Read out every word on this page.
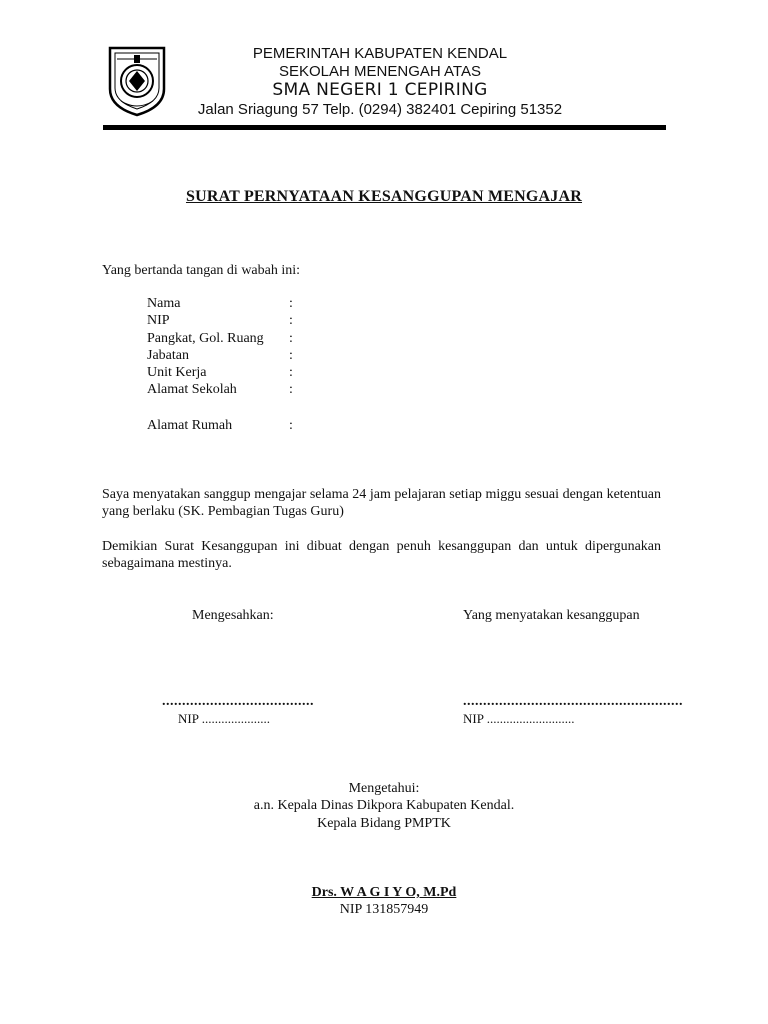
PEMERINTAH KABUPATEN KENDAL
SEKOLAH MENENGAH ATAS
SMA NEGERI 1 CEPIRING
Jalan Sriagung 57 Telp. (0294) 382401 Cepiring 51352
SURAT PERNYATAAN KESANGGUPAN MENGAJAR
Yang bertanda tangan di wabah ini:
Nama	:
NIP	:
Pangkat, Gol. Ruang :
Jabatan	:
Unit Kerja	:
Alamat Sekolah	:
Alamat Rumah	:
Saya menyatakan sanggup mengajar selama 24 jam pelajaran setiap miggu sesuai dengan ketentuan yang berlaku (SK. Pembagian Tugas Guru)
Demikian Surat Kesanggupan ini dibuat dengan penuh kesanggupan dan untuk dipergunakan sebagaimana mestinya.
Mengesahkan:	Yang menyatakan kesanggupan
......................................	.......................................................
NIP .....................	NIP ...........................
Mengetahui:
a.n. Kepala Dinas Dikpora Kabupaten Kendal.
Kepala Bidang PMPTK
Drs. W A G I Y O, M.Pd
NIP 131857949
